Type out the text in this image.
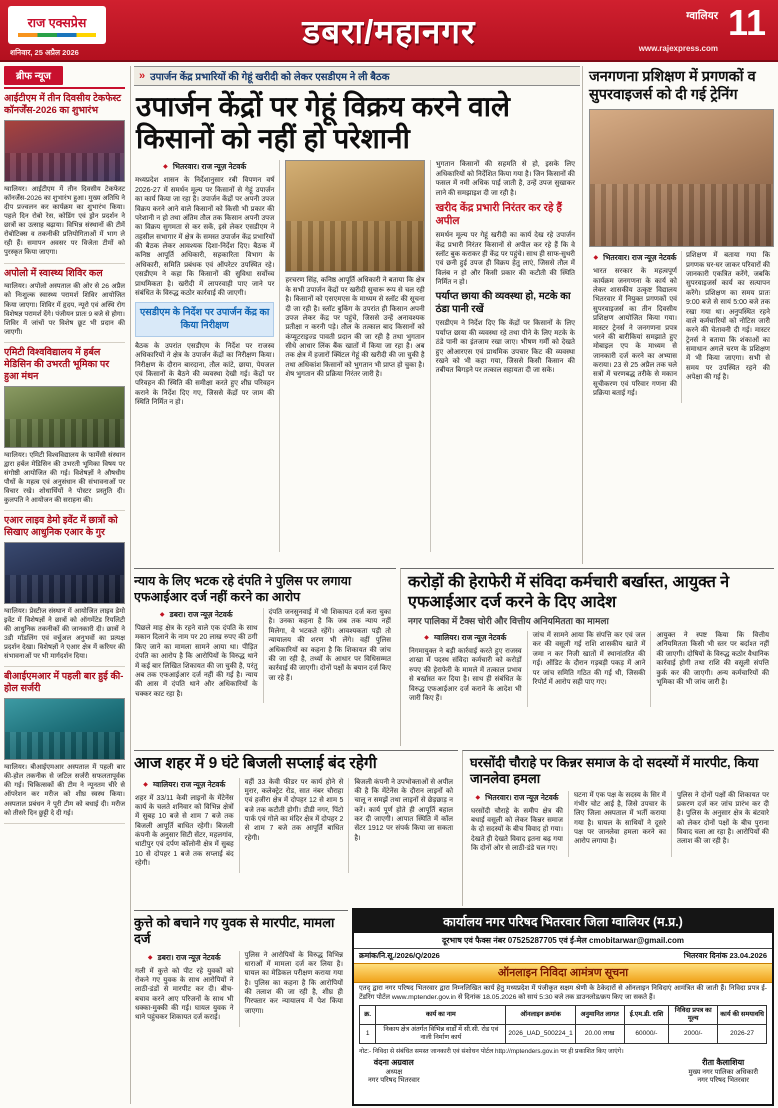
राज एक्सप्रेस
शनिवार, 25 अप्रैल 2026
डबरा/महानगर	ग्वालियर 11
www.rajexpress.com
ब्रीफ न्यूज
आईटीएम में तीन दिवसीय टेकफेस्ट कॉनर्जेंस-2026 का शुभारंभ

ग्वालियर। आईटीएम में तीन दिवसीय टेकफेस्ट कॉनर्जेंस-2026 का शुभारंभ हुआ। मुख्य अतिथि ने दीप प्रज्वलन कर कार्यक्रम का शुभारंभ किया। पहले दिन रोबो रेस, कोडिंग एवं ड्रोन प्रदर्शन ने छात्रों का उत्साह बढ़ाया। विभिन्न संस्थानों की टीमें रोबोटिक्स व तकनीकी प्रतियोगिताओं में भाग ले रही हैं। समापन अवसर पर विजेता टीमों को पुरस्कृत किया जाएगा।

अपोलो में स्वास्थ्य शिविर कल

ग्वालियर। अपोलो अस्पताल की ओर से 26 अप्रैल को निःशुल्क स्वास्थ्य परामर्श शिविर आयोजित किया जाएगा। शिविर में हृदय, न्यूरो एवं अस्थि रोग विशेषज्ञ परामर्श देंगे। पंजीयन प्रातः 9 बजे से होगा। शिविर में जांचों पर विशेष छूट भी प्रदान की जाएगी।

एमिटी विश्वविद्यालय में हर्बल मेडिसिन की उभरती भूमिका पर हुआ मंथन

ग्वालियर। एमिटी विश्वविद्यालय के फार्मेसी संस्थान द्वारा हर्बल मेडिसिन की उभरती भूमिका विषय पर संगोष्ठी आयोजित की गई। विशेषज्ञों ने औषधीय पौधों के महत्व एवं अनुसंधान की संभावनाओं पर विचार रखे। शोधार्थियों ने पोस्टर प्रस्तुति दी। कुलपति ने आयोजन की सराहना की।

एआर लाइव डेमो इवेंट में छात्रों को सिखाए आधुनिक एआर के गुर

ग्वालियर। प्रेस्टीज संस्थान में आयोजित लाइव डेमो इवेंट में विशेषज्ञों ने छात्रों को ऑगमेंटेड रियलिटी की आधुनिक तकनीकों की जानकारी दी। छात्रों ने 3डी मॉडलिंग एवं वर्चुअल अनुभवों का प्रत्यक्ष प्रदर्शन देखा। विशेषज्ञों ने एआर क्षेत्र में करियर की संभावनाओं पर भी मार्गदर्शन दिया।

बीआईएमआर में पहली बार हुई की-होल सर्जरी

ग्वालियर। बीआईएमआर अस्पताल में पहली बार की-होल तकनीक से जटिल सर्जरी सफलतापूर्वक की गई। चिकित्सकों की टीम ने न्यूनतम चीरे से ऑपरेशन कर मरीज को शीघ्र स्वस्थ किया। अस्पताल प्रबंधन ने पूरी टीम को बधाई दी। मरीज को तीसरे दिन छुट्टी दे दी गई।

» उपार्जन केंद्र प्रभारियों की गेहूं खरीदी को लेकर एसडीएम ने ली बैठक
उपार्जन केंद्रों पर गेहूं विक्रय करने वाले किसानों को नहीं हो परेशानी
◆ भितरवार। राज न्यूज़ नेटवर्क

मध्यप्रदेश शासन के निर्देशानुसार रबी विपणन वर्ष 2026-27 में समर्थन मूल्य पर किसानों से गेहूं उपार्जन का कार्य किया जा रहा है। उपार्जन केंद्रों पर अपनी उपज विक्रय करने आने वाले किसानों को किसी भी प्रकार की परेशानी न हो तथा अंतिम तौल तक किसान अपनी उपज का विक्रय सुगमता से कर सकें, इसे लेकर एसडीएम ने तहसील सभागार में क्षेत्र के समस्त उपार्जन केंद्र प्रभारियों की बैठक लेकर आवश्यक दिशा-निर्देश दिए। बैठक में कनिष्ठ आपूर्ति अधिकारी, सहकारिता विभाग के अधिकारी, समिति प्रबंधक एवं ऑपरेटर उपस्थित रहे। एसडीएम ने कहा कि किसानों की सुविधा सर्वोच्च प्राथमिकता है। खरीदी में लापरवाही पाए जाने पर संबंधित के विरुद्ध कठोर कार्रवाई की जाएगी।

एसडीएम के निर्देश पर उपार्जन केंद्र का किया निरीक्षण

बैठक के उपरांत एसडीएम के निर्देश पर राजस्व अधिकारियों ने क्षेत्र के उपार्जन केंद्रों का निरीक्षण किया। निरीक्षण के दौरान बारदाना, तौल कांटे, छाया, पेयजल एवं किसानों के बैठने की व्यवस्था देखी गई। केंद्रों पर परिवहन की स्थिति की समीक्षा करते हुए शीघ्र परिवहन कराने के निर्देश दिए गए, जिससे केंद्रों पर जाम की स्थिति निर्मित न हो।

हरचरण सिंह, कनिष्ठ आपूर्ति अधिकारी ने बताया कि क्षेत्र के सभी उपार्जन केंद्रों पर खरीदी सुचारू रूप से चल रही है। किसानों को एसएमएस के माध्यम से स्लॉट की सूचना दी जा रही है। स्लॉट बुकिंग के उपरांत ही किसान अपनी उपज लेकर केंद्र पर पहुंचे, जिससे उन्हें अनावश्यक प्रतीक्षा न करनी पड़े। तौल के तत्काल बाद किसानों को कंप्यूटराइज्ड पावती प्रदान की जा रही है तथा भुगतान सीधे आधार लिंक बैंक खातों में किया जा रहा है। अब तक क्षेत्र में हजारों क्विंटल गेहूं की खरीदी की जा चुकी है तथा अधिकांश किसानों को भुगतान भी प्राप्त हो चुका है। शेष भुगतान की प्रक्रिया निरंतर जारी है।

भुगतान किसानों की सहमति से हो, इसके लिए अधिकारियों को निर्देशित किया गया है। जिन किसानों की फसल में नमी अधिक पाई जाती है, उन्हें उपज सुखाकर लाने की समझाइश दी जा रही है।

खरीद केंद्र प्रभारी निरंतर कर रहे हैं अपील

समर्थन मूल्य पर गेहूं खरीदी का कार्य देख रहे उपार्जन केंद्र प्रभारी निरंतर किसानों से अपील कर रहे हैं कि वे स्लॉट बुक कराकर ही केंद्र पर पहुंचे। साथ ही साफ-सुथरी एवं छनी हुई उपज ही विक्रय हेतु लाएं, जिससे तौल में विलंब न हो और किसी प्रकार की कटौती की स्थिति निर्मित न हो।

पर्याप्त छाया की व्यवस्था हो, मटके का ठंडा पानी रखें

एसडीएम ने निर्देश दिए कि केंद्रों पर किसानों के लिए पर्याप्त छाया की व्यवस्था रहे तथा पीने के लिए मटके के ठंडे पानी का इंतजाम रखा जाए। भीषण गर्मी को देखते हुए ओआरएस एवं प्राथमिक उपचार किट की व्यवस्था रखने को भी कहा गया, जिससे किसी किसान की तबीयत बिगड़ने पर तत्काल सहायता दी जा सके।

जनगणना प्रशिक्षण में प्रगणकों व सुपरवाइजर्स को दी गई ट्रेनिंग
◆ भितरवार। राज न्यूज़ नेटवर्क

भारत सरकार के महत्वपूर्ण कार्यक्रम जनगणना के कार्य को लेकर शासकीय उत्कृष्ट विद्यालय भितरवार में नियुक्त प्रगणकों एवं सुपरवाइजर्स का तीन दिवसीय प्रशिक्षण आयोजित किया गया। मास्टर ट्रेनर्स ने जनगणना प्रपत्र भरने की बारीकियां समझाते हुए मोबाइल एप के माध्यम से जानकारी दर्ज करने का अभ्यास कराया। 23 से 25 अप्रैल तक चले सत्रों में चरणबद्ध तरीके से मकान सूचीकरण एवं परिवार गणना की प्रक्रिया बताई गई।

प्रशिक्षण में बताया गया कि प्रगणक घर-घर जाकर परिवारों की जानकारी एकत्रित करेंगे, जबकि सुपरवाइजर्स कार्य का सत्यापन करेंगे। प्रशिक्षण का समय प्रातः 9:00 बजे से सायं 5:00 बजे तक रखा गया था। अनुपस्थित रहने वाले कर्मचारियों को नोटिस जारी करने की चेतावनी दी गई। मास्टर ट्रेनर्स ने बताया कि शंकाओं का समाधान अगले चरण के प्रशिक्षण में भी किया जाएगा। सभी से समय पर उपस्थित रहने की अपेक्षा की गई है।

न्याय के लिए भटक रहे दंपति ने पुलिस पर लगाया एफआईआर दर्ज नहीं करने का आरोप
◆ डबरा। राज न्यूज़ नेटवर्क

पिछले माह क्षेत्र के रहने वाले एक दंपति के साथ मकान दिलाने के नाम पर 20 लाख रुपए की ठगी किए जाने का मामला सामने आया था। पीड़ित दंपति का आरोप है कि आरोपियों के विरुद्ध थाने में कई बार लिखित शिकायत की जा चुकी है, परंतु अब तक एफआईआर दर्ज नहीं की गई है। न्याय की आस में दंपति थाने और अधिकारियों के चक्कर काट रहा है।

दंपति जनसुनवाई में भी शिकायत दर्ज करा चुका है। उनका कहना है कि जब तक न्याय नहीं मिलेगा, वे भटकते रहेंगे। आवश्यकता पड़ी तो न्यायालय की शरण भी लेंगे। वहीं पुलिस अधिकारियों का कहना है कि शिकायत की जांच की जा रही है, तथ्यों के आधार पर विधिसम्मत कार्रवाई की जाएगी। दोनों पक्षों के बयान दर्ज किए जा रहे हैं।

करोड़ों की हेराफेरी में संविदा कर्मचारी बर्खास्त, आयुक्त ने एफआईआर दर्ज करने के दिए आदेश
नगर पालिका में टैक्स चोरी और वित्तीय अनियमितता का मामला
◆ ग्वालियर। राज न्यूज़ नेटवर्क

निगमायुक्त ने बड़ी कार्रवाई करते हुए राजस्व शाखा में पदस्थ संविदा कर्मचारी को करोड़ों रुपए की हेराफेरी के मामले में तत्काल प्रभाव से बर्खास्त कर दिया है। साथ ही संबंधित के विरुद्ध एफआईआर दर्ज कराने के आदेश भी जारी किए हैं।

जांच में सामने आया कि संपत्ति कर एवं जल कर की वसूली गई राशि शासकीय खाते में जमा न कर निजी खातों में स्थानांतरित की गई। ऑडिट के दौरान गड़बड़ी पकड़ में आने पर जांच समिति गठित की गई थी, जिसकी रिपोर्ट में आरोप सही पाए गए।

आयुक्त ने स्पष्ट किया कि वित्तीय अनियमितता किसी भी स्तर पर बर्दाश्त नहीं की जाएगी। दोषियों के विरुद्ध कठोर वैधानिक कार्रवाई होगी तथा राशि की वसूली संपत्ति कुर्क कर की जाएगी। अन्य कर्मचारियों की भूमिका की भी जांच जारी है।

आज शहर में 9 घंटे बिजली सप्लाई बंद रहेगी
◆ ग्वालियर। राज न्यूज़ नेटवर्क

शहर में 33/11 केवी लाइनों के मेंटेनेंस कार्य के चलते शनिवार को विभिन्न क्षेत्रों में सुबह 10 बजे से शाम 7 बजे तक बिजली आपूर्ति बाधित रहेगी। बिजली कंपनी के अनुसार सिटी सेंटर, महलगांव, थाटीपुर एवं दर्पण कॉलोनी क्षेत्र में सुबह 10 से दोपहर 1 बजे तक सप्लाई बंद रहेगी।

वहीं 33 केवी फीडर पर कार्य होने से मुरार, कलेक्ट्रेट रोड, सात नंबर चौराहा एवं हजीरा क्षेत्र में दोपहर 12 से शाम 5 बजे तक कटौती होगी। डीडी नगर, पिंटो पार्क एवं गोले का मंदिर क्षेत्र में दोपहर 2 से शाम 7 बजे तक आपूर्ति बाधित रहेगी।

बिजली कंपनी ने उपभोक्ताओं से अपील की है कि मेंटेनेंस के दौरान लाइनों को चालू न समझें तथा लाइनों से छेड़छाड़ न करें। कार्य पूर्ण होते ही आपूर्ति बहाल कर दी जाएगी। आपात स्थिति में कॉल सेंटर 1912 पर संपर्क किया जा सकता है।

घरसोंदी चौराहे पर किन्नर समाज के दो सदस्यों में मारपीट, किया जानलेवा हमला
◆ भितरवार। राज न्यूज़ नेटवर्क

घरसोंदी चौराहे के समीप क्षेत्र की बधाई वसूली को लेकर किन्नर समाज के दो सदस्यों के बीच विवाद हो गया। देखते ही देखते विवाद इतना बढ़ गया कि दोनों ओर से लाठी-डंडे चल गए।

घटना में एक पक्ष के सदस्य के सिर में गंभीर चोट आई है, जिसे उपचार के लिए जिला अस्पताल में भर्ती कराया गया है। घायल के साथियों ने दूसरे पक्ष पर जानलेवा हमला करने का आरोप लगाया है।

पुलिस ने दोनों पक्षों की शिकायत पर प्रकरण दर्ज कर जांच प्रारंभ कर दी है। पुलिस के अनुसार क्षेत्र के बंटवारे को लेकर दोनों पक्षों के बीच पुराना विवाद चला आ रहा है। आरोपियों की तलाश की जा रही है।

कुत्ते को बचाने गए युवक से मारपीट, मामला दर्ज
◆ डबरा। राज न्यूज़ नेटवर्क

गली में कुत्ते को पीट रहे युवकों को रोकने गए युवक के साथ आरोपियों ने लाठी-डंडों से मारपीट कर दी। बीच-बचाव करने आए परिजनों के साथ भी धक्का-मुक्की की गई। घायल युवक ने थाने पहुंचकर शिकायत दर्ज कराई।

पुलिस ने आरोपियों के विरुद्ध विभिन्न धाराओं में मामला दर्ज कर लिया है। घायल का मेडिकल परीक्षण कराया गया है। पुलिस का कहना है कि आरोपियों की तलाश की जा रही है, शीघ्र ही गिरफ्तार कर न्यायालय में पेश किया जाएगा।

कार्यालय नगर परिषद भितरवार जिला ग्वालियर (म.प्र.)
दूरभाष एवं फैक्स नंबर 07525287705 एवं ई-मेल cmobitarwar@gmail.com
क्रमांक/नि.सू./2026/Q/2026	भितरवार दिनांक 23.04.2026
ऑनलाइन निविदा आमंत्रण सूचना

एतद् द्वारा नगर परिषद भितरवार द्वारा निम्नलिखित कार्य हेतु मध्यप्रदेश में पंजीकृत सक्षम श्रेणी के ठेकेदारों से ऑनलाइन निविदाएं आमंत्रित की जाती हैं। निविदा प्रपत्र ई-टेंडरिंग पोर्टल www.mptender.gov.in से दिनांक 18.05.2026 को सायं 5:30 बजे तक डाउनलोड/क्रय किए जा सकते हैं।

क्र.	कार्य का नाम	ऑनलाइन क्रमांक	अनुमानित लागत	ई.एम.डी. राशि	निविदा प्रपत्र का मूल्य	कार्य की समयावधि
1	निकाय क्षेत्र अंतर्गत विभिन्न वार्डों में सी.सी. रोड एवं नाली निर्माण कार्य	2026_UAD_500224_1	20.00 लाख	60000/-	2000/-	2026-27

नोट:- निविदा से संबंधित समस्त जानकारी एवं संशोधन पोर्टल http://mptenders.gov.in पर ही प्रकाशित किए जाएंगे।

वंदना अग्रवाल
अध्यक्ष
नगर परिषद भितरवार
रीता कैलाशिया
मुख्य नगर पालिका अधिकारी
नगर परिषद भितरवार
